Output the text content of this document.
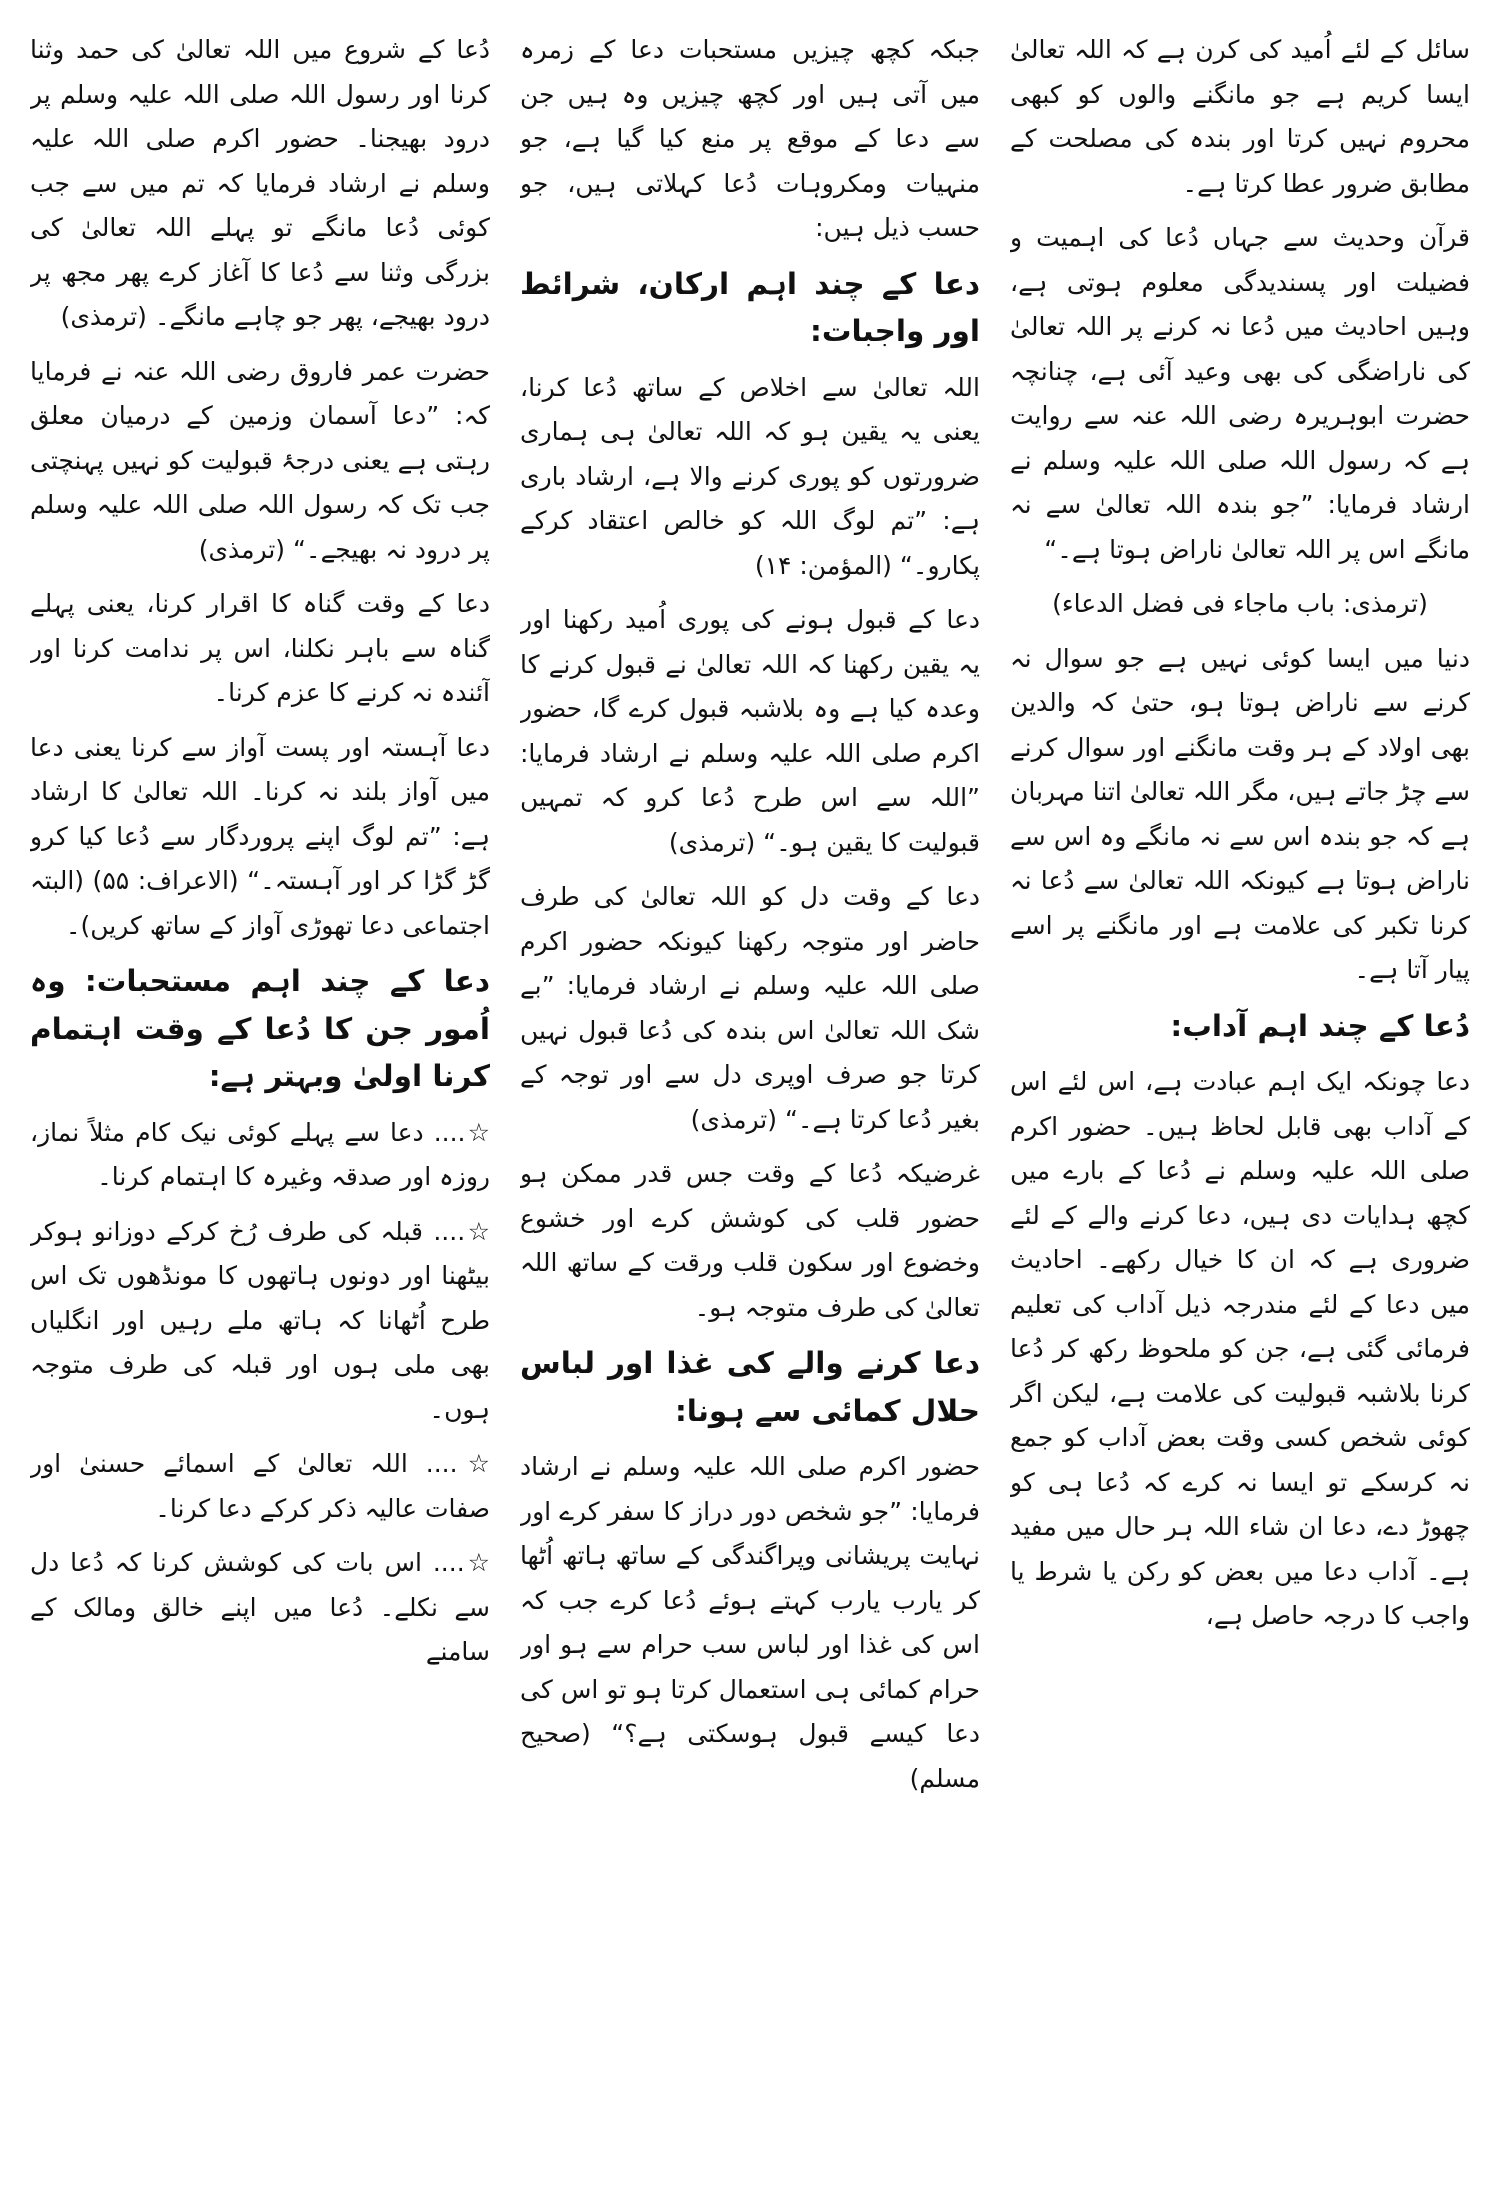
سائل کے لئے اُمید کی کرن ہے کہ اللہ تعالیٰ ایسا کریم ہے جو مانگنے والوں کو کبھی محروم نہیں کرتا اور بندہ کی مصلحت کے مطابق ضرور عطا کرتا ہے۔

قرآن وحدیث سے جہاں دُعا کی اہمیت و فضیلت اور پسندیدگی معلوم ہوتی ہے، وہیں احادیث میں دُعا نہ کرنے پر اللہ تعالیٰ کی ناراضگی کی بھی وعید آئی ہے، چنانچہ حضرت ابوہریرہ رضی اللہ عنہ سے روایت ہے کہ رسول اللہ صلی اللہ علیہ وسلم نے ارشاد فرمایا: ”جو بندہ اللہ تعالیٰ سے نہ مانگے اس پر اللہ تعالیٰ ناراض ہوتا ہے۔“

(ترمذی: باب ماجاء فی فضل الدعاء)

دنیا میں ایسا کوئی نہیں ہے جو سوال نہ کرنے سے ناراض ہوتا ہو، حتیٰ کہ والدین بھی اولاد کے ہر وقت مانگنے اور سوال کرنے سے چڑ جاتے ہیں، مگر اللہ تعالیٰ اتنا مہربان ہے کہ جو بندہ اس سے نہ مانگے وہ اس سے ناراض ہوتا ہے کیونکہ اللہ تعالیٰ سے دُعا نہ کرنا تکبر کی علامت ہے اور مانگنے پر اسے پیار آتا ہے۔

دُعا کے چند اہم آداب:

دعا چونکہ ایک اہم عبادت ہے، اس لئے اس کے آداب بھی قابل لحاظ ہیں۔ حضور اکرم صلی اللہ علیہ وسلم نے دُعا کے بارے میں کچھ ہدایات دی ہیں، دعا کرنے والے کے لئے ضروری ہے کہ ان کا خیال رکھے۔ احادیث میں دعا کے لئے مندرجہ ذیل آداب کی تعلیم فرمائی گئی ہے، جن کو ملحوظ رکھ کر دُعا کرنا بلاشبہ قبولیت کی علامت ہے، لیکن اگر کوئی شخص کسی وقت بعض آداب کو جمع نہ کرسکے تو ایسا نہ کرے کہ دُعا ہی کو چھوڑ دے، دعا ان شاء اللہ ہر حال میں مفید ہے۔ آداب دعا میں بعض کو رکن یا شرط یا واجب کا درجہ حاصل ہے،

جبکہ کچھ چیزیں مستحبات دعا کے زمرہ میں آتی ہیں اور کچھ چیزیں وہ ہیں جن سے دعا کے موقع پر منع کیا گیا ہے، جو منہیات ومکروہات دُعا کہلاتی ہیں، جو حسب ذیل ہیں:

دعا کے چند اہم ارکان، شرائط اور واجبات:

اللہ تعالیٰ سے اخلاص کے ساتھ دُعا کرنا، یعنی یہ یقین ہو کہ اللہ تعالیٰ ہی ہماری ضرورتوں کو پوری کرنے والا ہے، ارشاد باری ہے: ”تم لوگ اللہ کو خالص اعتقاد کرکے پکارو۔“ (المؤمن: ۱۴)

دعا کے قبول ہونے کی پوری اُمید رکھنا اور یہ یقین رکھنا کہ اللہ تعالیٰ نے قبول کرنے کا وعدہ کیا ہے وہ بلاشبہ قبول کرے گا، حضور اکرم صلی اللہ علیہ وسلم نے ارشاد فرمایا: ”اللہ سے اس طرح دُعا کرو کہ تمہیں قبولیت کا یقین ہو۔“ (ترمذی)

دعا کے وقت دل کو اللہ تعالیٰ کی طرف حاضر اور متوجہ رکھنا کیونکہ حضور اکرم صلی اللہ علیہ وسلم نے ارشاد فرمایا: ”بے شک اللہ تعالیٰ اس بندہ کی دُعا قبول نہیں کرتا جو صرف اوپری دل سے اور توجہ کے بغیر دُعا کرتا ہے۔“ (ترمذی)

غرضیکہ دُعا کے وقت جس قدر ممکن ہو حضور قلب کی کوشش کرے اور خشوع وخضوع اور سکون قلب ورقت کے ساتھ اللہ تعالیٰ کی طرف متوجہ ہو۔

دعا کرنے والے کی غذا اور لباس حلال کمائی سے ہونا:

حضور اکرم صلی اللہ علیہ وسلم نے ارشاد فرمایا: ”جو شخص دور دراز کا سفر کرے اور نہایت پریشانی وپراگندگی کے ساتھ ہاتھ اُٹھا کر یارب یارب کہتے ہوئے دُعا کرے جب کہ اس کی غذا اور لباس سب حرام سے ہو اور حرام کمائی ہی استعمال کرتا ہو تو اس کی دعا کیسے قبول ہوسکتی ہے؟“ (صحیح مسلم)

دُعا کے شروع میں اللہ تعالیٰ کی حمد وثنا کرنا اور رسول اللہ صلی اللہ علیہ وسلم پر درود بھیجنا۔ حضور اکرم صلی اللہ علیہ وسلم نے ارشاد فرمایا کہ تم میں سے جب کوئی دُعا مانگے تو پہلے اللہ تعالیٰ کی بزرگی وثنا سے دُعا کا آغاز کرے پھر مجھ پر درود بھیجے، پھر جو چاہے مانگے۔ (ترمذی)

حضرت عمر فاروق رضی اللہ عنہ نے فرمایا کہ: ”دعا آسمان وزمین کے درمیان معلق رہتی ہے یعنی درجۂ قبولیت کو نہیں پہنچتی جب تک کہ رسول اللہ صلی اللہ علیہ وسلم پر درود نہ بھیجے۔“ (ترمذی)

دعا کے وقت گناہ کا اقرار کرنا، یعنی پہلے گناہ سے باہر نکلنا، اس پر ندامت کرنا اور آئندہ نہ کرنے کا عزم کرنا۔

دعا آہستہ اور پست آواز سے کرنا یعنی دعا میں آواز بلند نہ کرنا۔ اللہ تعالیٰ کا ارشاد ہے: ”تم لوگ اپنے پروردگار سے دُعا کیا کرو گڑ گڑا کر اور آہستہ۔“ (الاعراف: ۵۵) (البتہ اجتماعی دعا تھوڑی آواز کے ساتھ کریں)۔

دعا کے چند اہم مستحبات: وہ اُمور جن کا دُعا کے وقت اہتمام کرنا اولیٰ وبہتر ہے:

☆.... دعا سے پہلے کوئی نیک کام مثلاً نماز، روزہ اور صدقہ وغیرہ کا اہتمام کرنا۔

☆.... قبلہ کی طرف رُخ کرکے دوزانو ہوکر بیٹھنا اور دونوں ہاتھوں کا مونڈھوں تک اس طرح اُٹھانا کہ ہاتھ ملے رہیں اور انگلیاں بھی ملی ہوں اور قبلہ کی طرف متوجہ ہوں۔

☆.... اللہ تعالیٰ کے اسمائے حسنیٰ اور صفات عالیہ ذکر کرکے دعا کرنا۔

☆.... اس بات کی کوشش کرنا کہ دُعا دل سے نکلے۔ دُعا میں اپنے خالق ومالک کے سامنے
